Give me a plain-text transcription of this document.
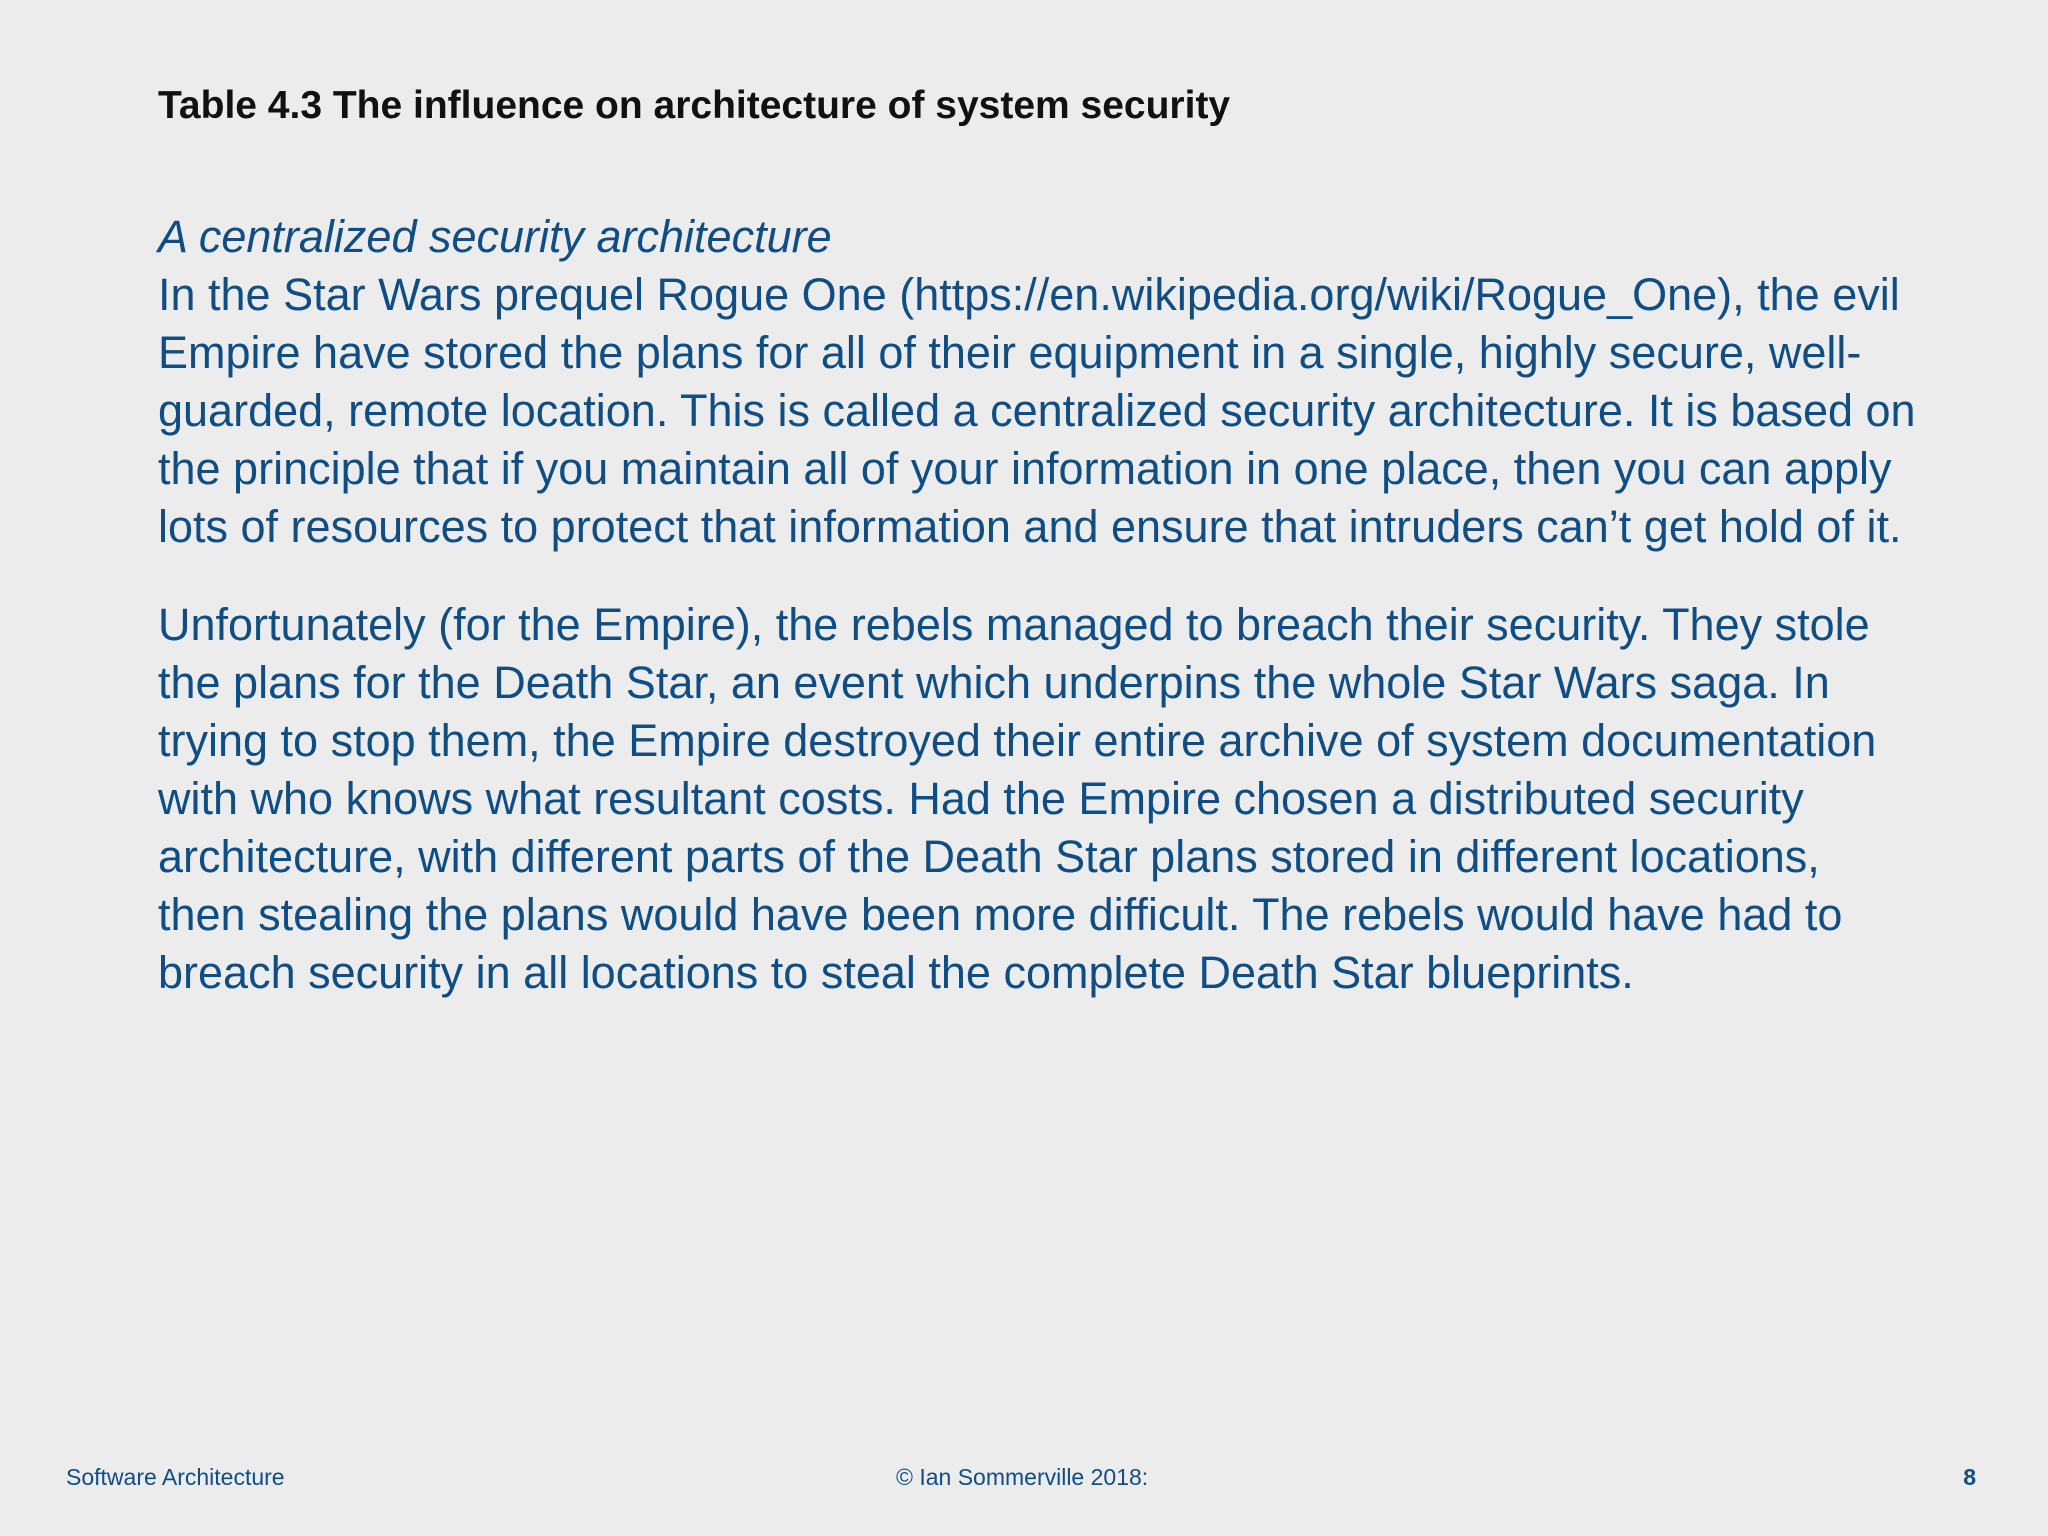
Table 4.3 The influence on architecture of system security

A centralized security architecture

In the Star Wars prequel Rogue One (https://en.wikipedia.org/wiki/Rogue_One), the evil Empire have stored the plans for all of their equipment in a single, highly secure, well-guarded, remote location. This is called a centralized security architecture. It is based on the principle that if you maintain all of your information in one place, then you can apply lots of resources to protect that information and ensure that intruders can’t get hold of it.

Unfortunately (for the Empire), the rebels managed to breach their security. They stole the plans for the Death Star, an event which underpins the whole Star Wars saga. In trying to stop them, the Empire destroyed their entire archive of system documentation with who knows what resultant costs. Had the Empire chosen a distributed security architecture, with different parts of the Death Star plans stored in different locations, then stealing the plans would have been more difficult. The rebels would have had to breach security in all locations to steal the complete Death Star blueprints.

Software Architecture	© Ian Sommerville 2018:	8
